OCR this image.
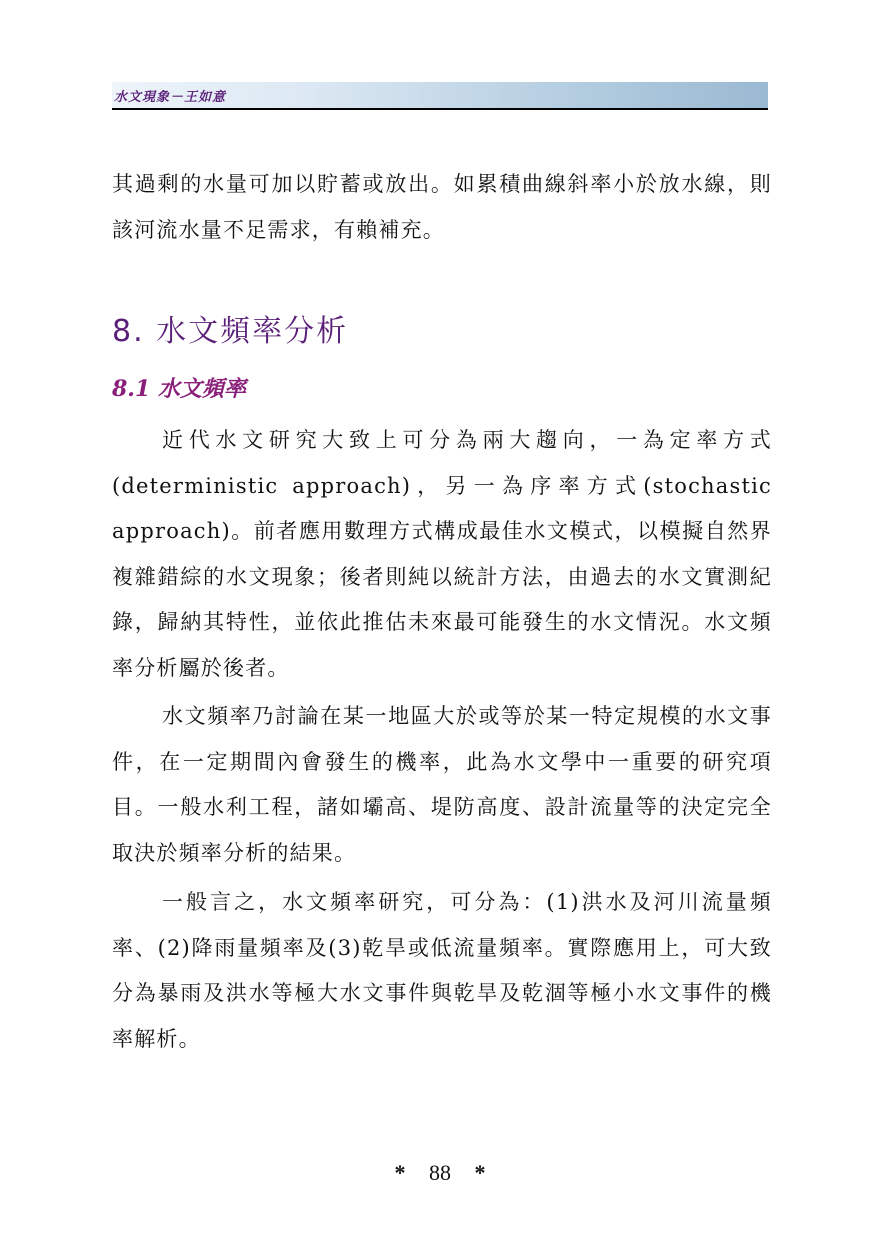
水文現象－王如意
其過剩的水量可加以貯蓄或放出。如累積曲線斜率小於放水線，則該河流水量不足需求，有賴補充。
8. 水文頻率分析
8.1 水文頻率
近代水文研究大致上可分為兩大趨向，一為定率方式(deterministic approach)，另一為序率方式(stochastic approach)。前者應用數理方式構成最佳水文模式，以模擬自然界複雜錯綜的水文現象；後者則純以統計方法，由過去的水文實測紀錄，歸納其特性，並依此推估未來最可能發生的水文情況。水文頻率分析屬於後者。
水文頻率乃討論在某一地區大於或等於某一特定規模的水文事件，在一定期間內會發生的機率，此為水文學中一重要的研究項目。一般水利工程，諸如壩高、堤防高度、設計流量等的決定完全取決於頻率分析的結果。
一般言之，水文頻率研究，可分為：(1)洪水及河川流量頻率、(2)降雨量頻率及(3)乾旱或低流量頻率。實際應用上，可大致分為暴雨及洪水等極大水文事件與乾旱及乾涸等極小水文事件的機率解析。
* 88 *
